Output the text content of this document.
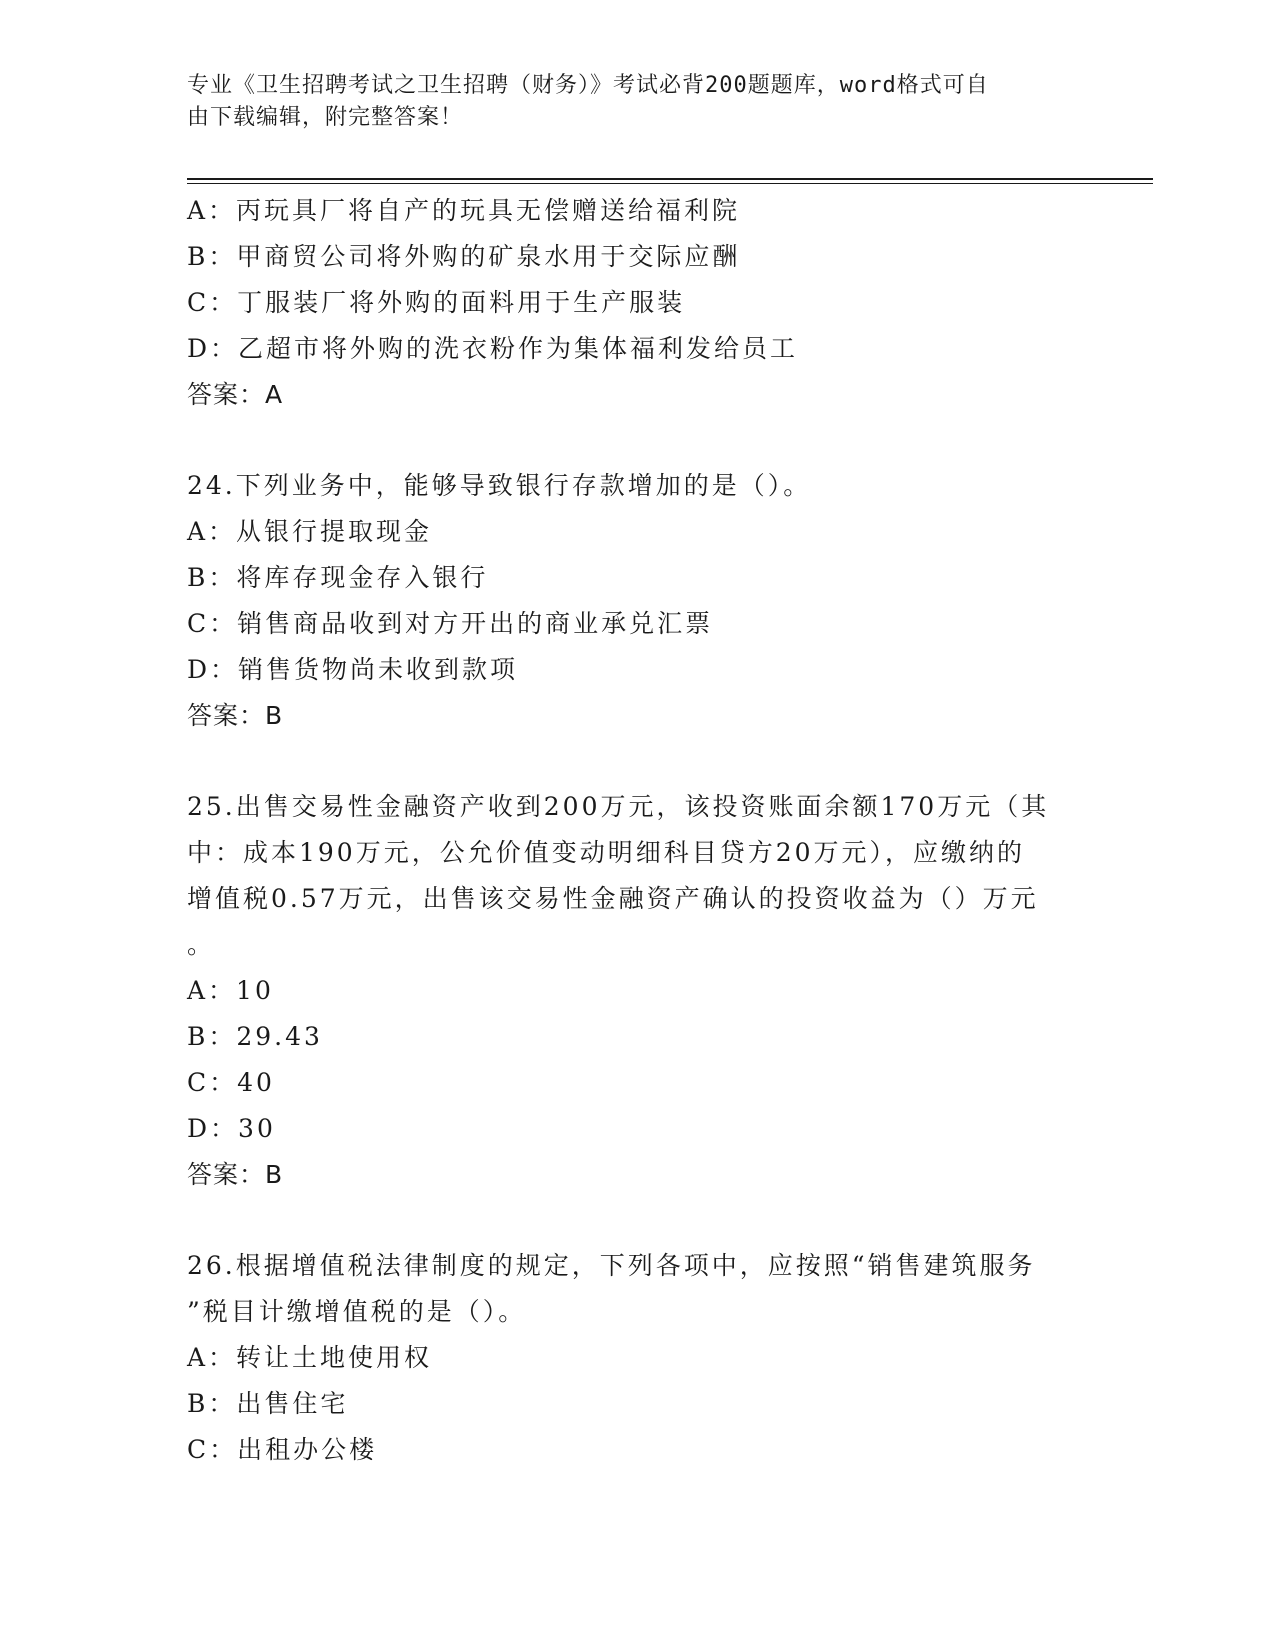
专业《卫生招聘考试之卫生招聘（财务）》考试必背200题题库，word格式可自
由下载编辑，附完整答案！
A：丙玩具厂将自产的玩具无偿赠送给福利院
B：甲商贸公司将外购的矿泉水用于交际应酬
C：丁服装厂将外购的面料用于生产服装
D：乙超市将外购的洗衣粉作为集体福利发给员工
答案：A
24.下列业务中，能够导致银行存款增加的是（）。
A：从银行提取现金
B：将库存现金存入银行
C：销售商品收到对方开出的商业承兑汇票
D：销售货物尚未收到款项
答案：B
25.出售交易性金融资产收到200万元，该投资账面余额170万元（其
中：成本190万元，公允价值变动明细科目贷方20万元），应缴纳的
增值税0.57万元，出售该交易性金融资产确认的投资收益为（）万元
。
A：10
B：29.43
C：40
D：30
答案：B
26.根据增值税法律制度的规定，下列各项中，应按照“销售建筑服务
”税目计缴增值税的是（）。
A：转让土地使用权
B：出售住宅
C：出租办公楼
